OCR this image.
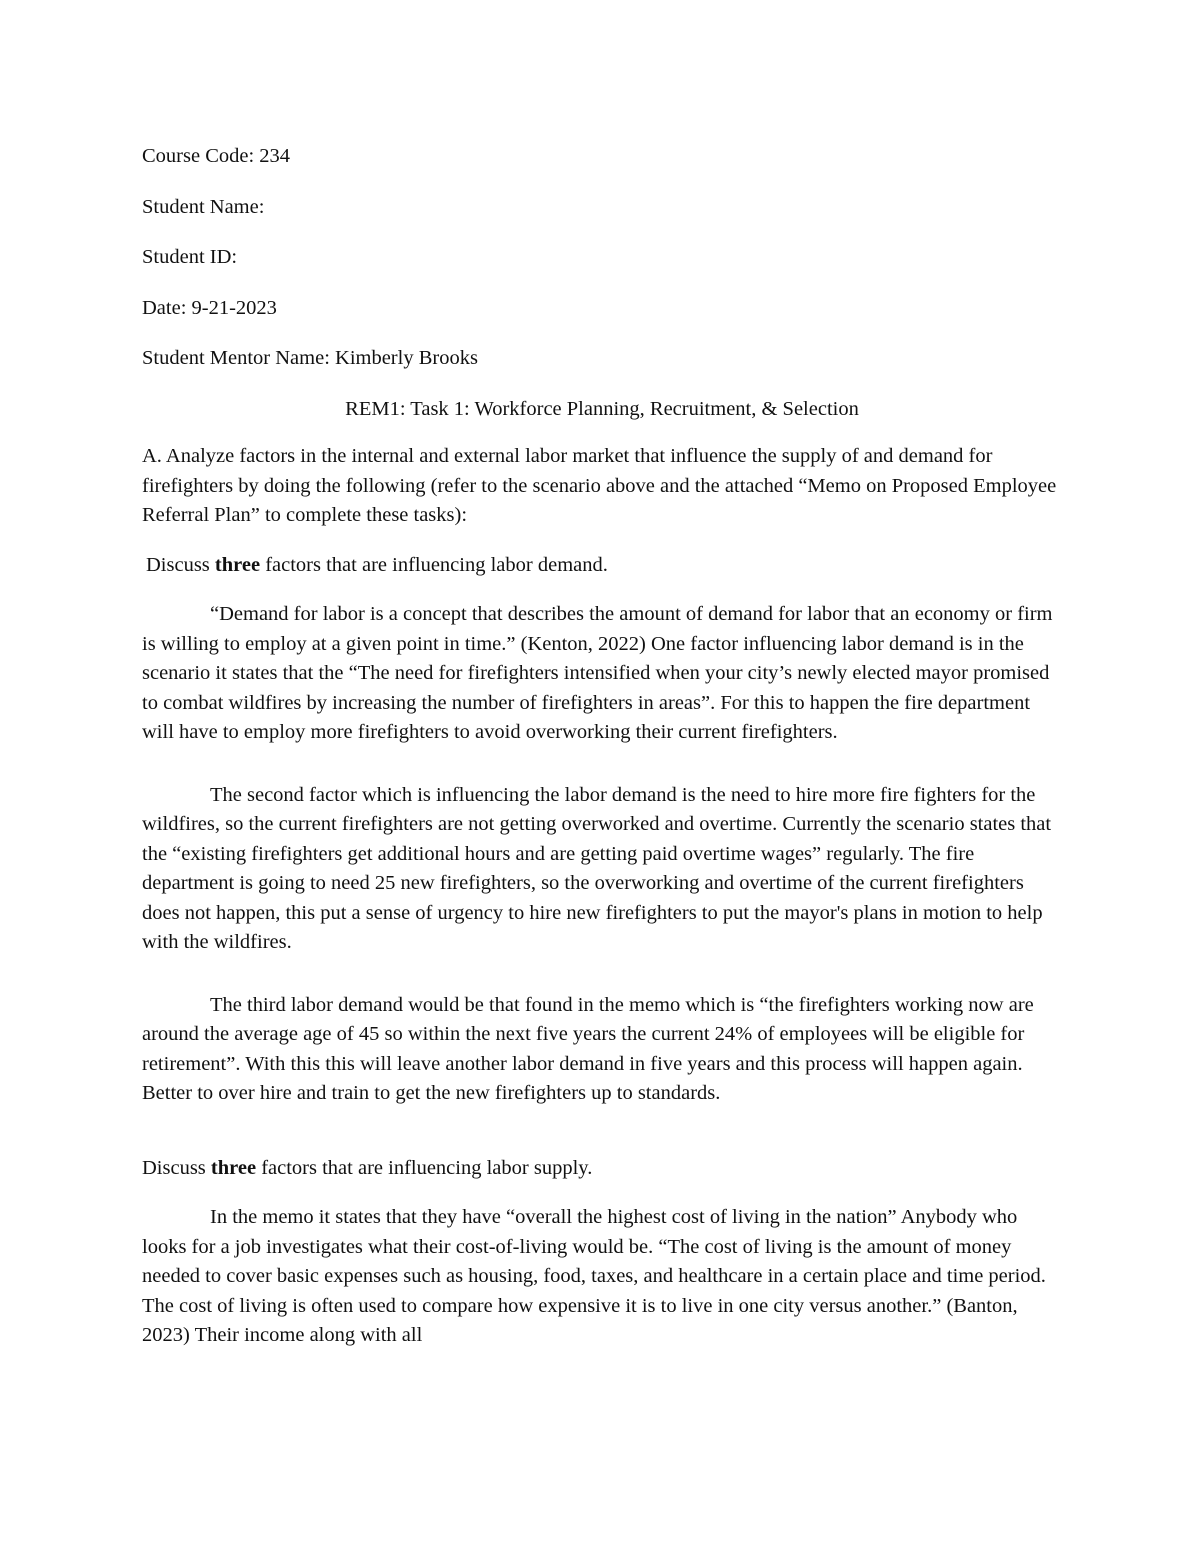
Course Code: 234
Student Name:
Student ID:
Date: 9-21-2023
Student Mentor Name: Kimberly Brooks
REM1: Task 1: Workforce Planning, Recruitment, & Selection
A. Analyze factors in the internal and external labor market that influence the supply of and demand for firefighters by doing the following (refer to the scenario above and the attached “Memo on Proposed Employee Referral Plan” to complete these tasks):
Discuss three factors that are influencing labor demand.

“Demand for labor is a concept that describes the amount of demand for labor that an economy or firm is willing to employ at a given point in time.” (Kenton, 2022) One factor influencing labor demand is in the scenario it states that the “The need for firefighters intensified when your city’s newly elected mayor promised to combat wildfires by increasing the number of firefighters in areas”. For this to happen the fire department will have to employ more firefighters to avoid overworking their current firefighters.

The second factor which is influencing the labor demand is the need to hire more fire fighters for the wildfires, so the current firefighters are not getting overworked and overtime. Currently the scenario states that the “existing firefighters get additional hours and are getting paid overtime wages” regularly. The fire department is going to need 25 new firefighters, so the overworking and overtime of the current firefighters does not happen, this put a sense of urgency to hire new firefighters to put the mayor's plans in motion to help with the wildfires.

The third labor demand would be that found in the memo which is “the firefighters working now are around the average age of 45 so within the next five years the current 24% of employees will be eligible for retirement”. With this this will leave another labor demand in five years and this process will happen again. Better to over hire and train to get the new firefighters up to standards.

Discuss three factors that are influencing labor supply.

In the memo it states that they have “overall the highest cost of living in the nation” Anybody who looks for a job investigates what their cost-of-living would be. “The cost of living is the amount of money needed to cover basic expenses such as housing, food, taxes, and healthcare in a certain place and time period. The cost of living is often used to compare how expensive it is to live in one city versus another.” (Banton, 2023) Their income along with all
